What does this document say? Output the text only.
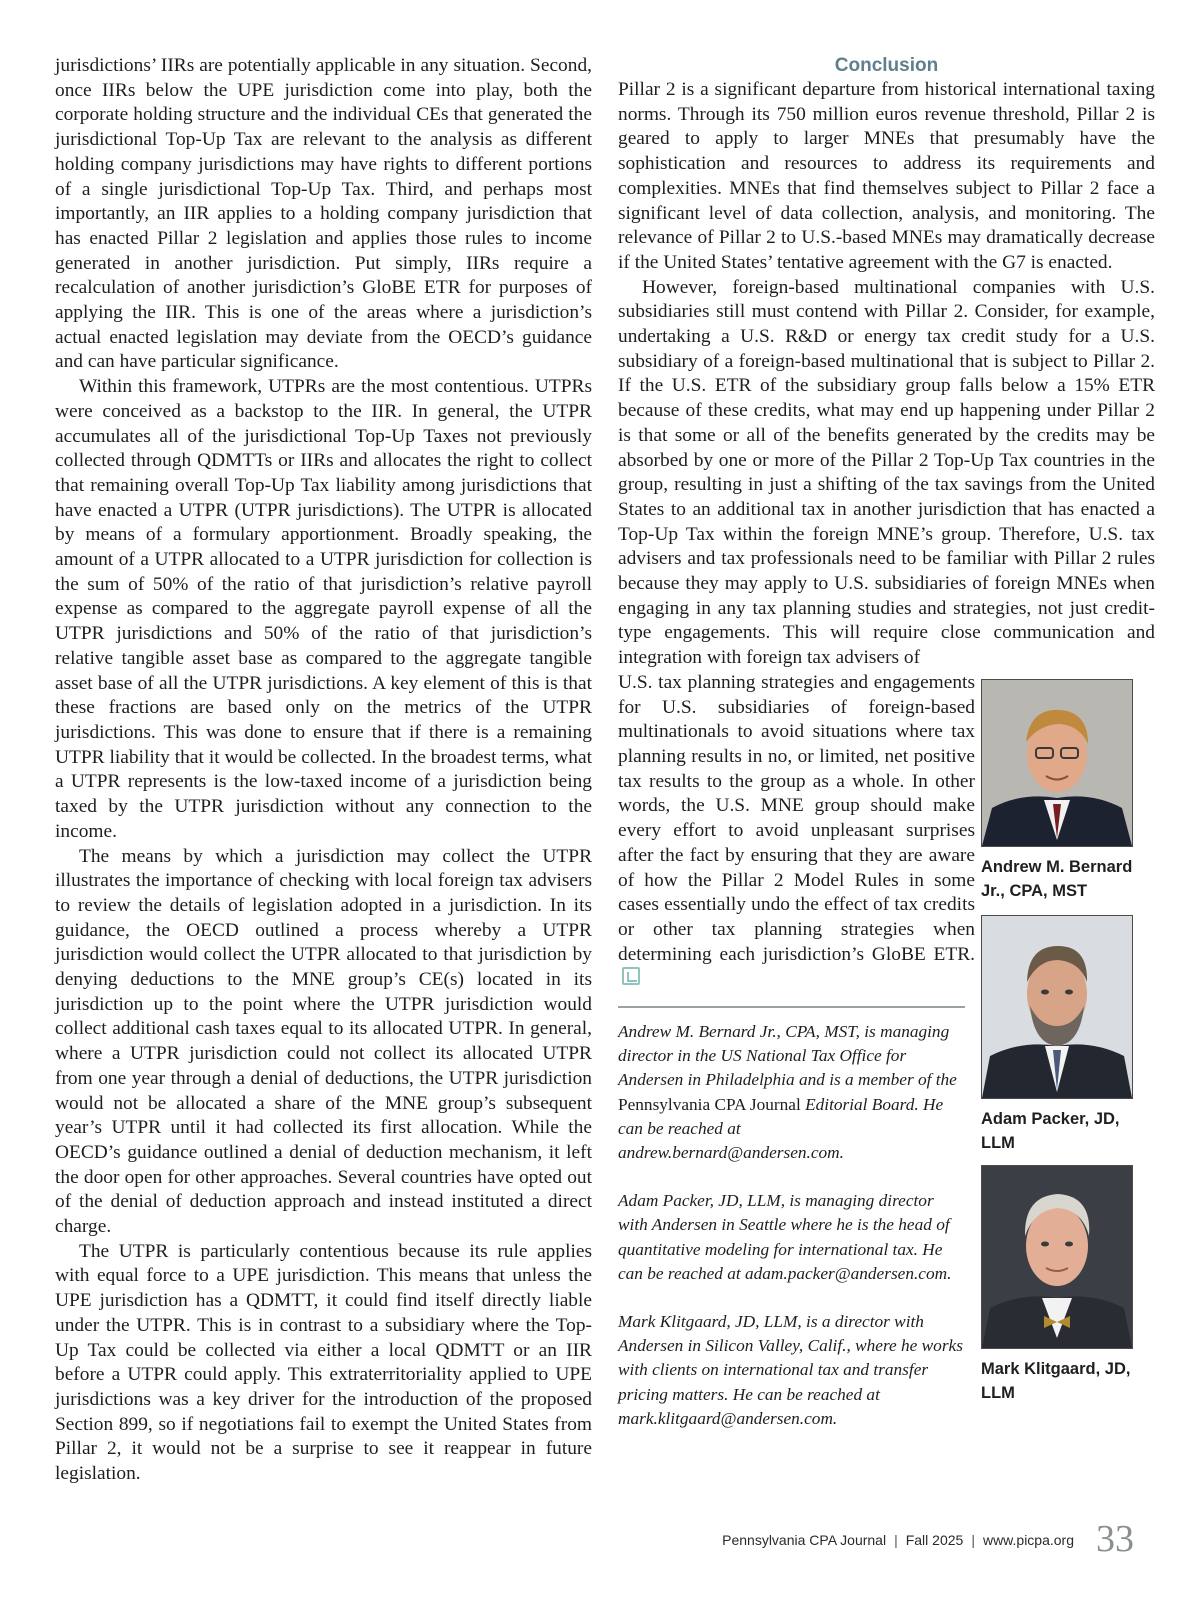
jurisdictions’ IIRs are potentially applicable in any situation. Second, once IIRs below the UPE jurisdiction come into play, both the corporate holding structure and the individual CEs that generated the jurisdictional Top-Up Tax are relevant to the analysis as different holding company jurisdictions may have rights to different portions of a single jurisdictional Top-Up Tax. Third, and perhaps most importantly, an IIR applies to a holding company jurisdiction that has enacted Pillar 2 legislation and applies those rules to income generated in another jurisdiction. Put simply, IIRs require a recalculation of another jurisdiction’s GloBE ETR for purposes of applying the IIR. This is one of the areas where a jurisdiction’s actual enacted legislation may deviate from the OECD’s guidance and can have particular significance.

Within this framework, UTPRs are the most contentious. UTPRs were conceived as a backstop to the IIR. In general, the UTPR accumulates all of the jurisdictional Top-Up Taxes not previously collected through QDMTTs or IIRs and allocates the right to collect that remaining overall Top-Up Tax liability among jurisdictions that have enacted a UTPR (UTPR jurisdictions). The UTPR is allocated by means of a formulary apportionment. Broadly speaking, the amount of a UTPR allocated to a UTPR jurisdiction for collection is the sum of 50% of the ratio of that jurisdiction’s relative payroll expense as compared to the aggregate payroll expense of all the UTPR jurisdictions and 50% of the ratio of that jurisdiction’s relative tangible asset base as compared to the aggregate tangible asset base of all the UTPR jurisdictions. A key element of this is that these fractions are based only on the metrics of the UTPR jurisdictions. This was done to ensure that if there is a remaining UTPR liability that it would be collected. In the broadest terms, what a UTPR represents is the low-taxed income of a jurisdiction being taxed by the UTPR jurisdiction without any connection to the income.

The means by which a jurisdiction may collect the UTPR illustrates the importance of checking with local foreign tax advisers to review the details of legislation adopted in a jurisdiction. In its guidance, the OECD outlined a process whereby a UTPR jurisdiction would collect the UTPR allocated to that jurisdiction by denying deductions to the MNE group’s CE(s) located in its jurisdiction up to the point where the UTPR jurisdiction would collect additional cash taxes equal to its allocated UTPR. In general, where a UTPR jurisdiction could not collect its allocated UTPR from one year through a denial of deductions, the UTPR jurisdiction would not be allocated a share of the MNE group’s subsequent year’s UTPR until it had collected its first allocation. While the OECD’s guidance outlined a denial of deduction mechanism, it left the door open for other approaches. Several countries have opted out of the denial of deduction approach and instead instituted a direct charge.

The UTPR is particularly contentious because its rule applies with equal force to a UPE jurisdiction. This means that unless the UPE jurisdiction has a QDMTT, it could find itself directly liable under the UTPR. This is in contrast to a subsidiary where the Top-Up Tax could be collected via either a local QDMTT or an IIR before a UTPR could apply. This extraterritoriality applied to UPE jurisdictions was a key driver for the introduction of the proposed Section 899, so if negotiations fail to exempt the United States from Pillar 2, it would not be a surprise to see it reappear in future legislation.

Conclusion

Pillar 2 is a significant departure from historical international taxing norms. Through its 750 million euros revenue threshold, Pillar 2 is geared to apply to larger MNEs that presumably have the sophistication and resources to address its requirements and complexities. MNEs that find themselves subject to Pillar 2 face a significant level of data collection, analysis, and monitoring. The relevance of Pillar 2 to U.S.-based MNEs may dramatically decrease if the United States’ tentative agreement with the G7 is enacted.

However, foreign-based multinational companies with U.S. subsidiaries still must contend with Pillar 2. Consider, for example, undertaking a U.S. R&D or energy tax credit study for a U.S. subsidiary of a foreign-based multinational that is subject to Pillar 2. If the U.S. ETR of the subsidiary group falls below a 15% ETR because of these credits, what may end up happening under Pillar 2 is that some or all of the benefits generated by the credits may be absorbed by one or more of the Pillar 2 Top-Up Tax countries in the group, resulting in just a shifting of the tax savings from the United States to an additional tax in another jurisdiction that has enacted a Top-Up Tax within the foreign MNE’s group. Therefore, U.S. tax advisers and tax professionals need to be familiar with Pillar 2 rules because they may apply to U.S. subsidiaries of foreign MNEs when engaging in any tax planning studies and strategies, not just credit-type engagements. This will require close communication and integration with foreign tax advisers of

U.S. tax planning strategies and engagements for U.S. subsidiaries of foreign-based multinationals to avoid situations where tax planning results in no, or limited, net positive tax results to the group as a whole. In other words, the U.S. MNE group should make every effort to avoid unpleasant surprises after the fact by ensuring that they are aware of how the Pillar 2 Model Rules in some cases essentially undo the effect of tax credits or other tax planning strategies when determining each jurisdiction’s GloBE ETR.

Andrew M. Bernard Jr., CPA, MST, is managing director in the US National Tax Office for Andersen in Philadelphia and is a member of the Pennsylvania CPA Journal Editorial Board. He can be reached at andrew.bernard@andersen.com.

Adam Packer, JD, LLM, is managing director with Andersen in Seattle where he is the head of quantitative modeling for international tax. He can be reached at adam.packer@andersen.com.

Mark Klitgaard, JD, LLM, is a director with Andersen in Silicon Valley, Calif., where he works with clients on international tax and transfer pricing matters. He can be reached at mark.klitgaard@andersen.com.

Andrew M. Bernard Jr., CPA, MST

Adam Packer, JD, LLM

Mark Klitgaard, JD, LLM

Pennsylvania CPA Journal | Fall 2025 | www.picpa.org 33
